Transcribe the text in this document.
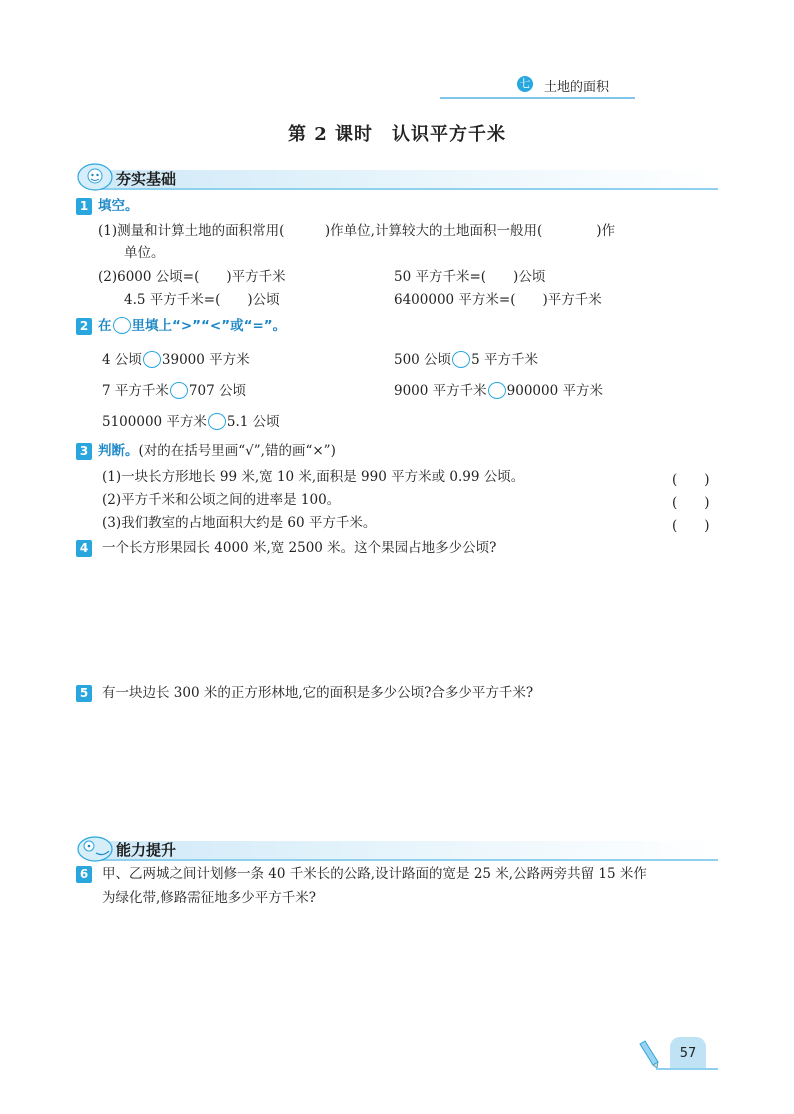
七 土地的面积
第 2 课时　认识平方千米
夯实基础
1 填空。
(1)测量和计算土地的面积常用(　　　)作单位,计算较大的土地面积一般用(　　　　)作
单位。
(2)6000 公顷=(　　)平方千米	50 平方千米=(　　)公顷
4.5 平方千米=(　　)公顷	6400000 平方米=(　　)平方千米
2 在 里填上“>”“<”或“=”。
4 公顷 39000 平方米	500 公顷 5 平方千米
7 平方千米 707 公顷	9000 平方千米 900000 平方米
5100000 平方米 5.1 公顷
3 判断。(对的在括号里画“√”,错的画“×”)
(1)一块长方形地长 99 米,宽 10 米,面积是 990 平方米或 0.99 公顷。	(　　)
(2)平方千米和公顷之间的进率是 100。	(　　)
(3)我们教室的占地面积大约是 60 平方千米。	(　　)
4 一个长方形果园长 4000 米,宽 2500 米。这个果园占地多少公顷?
5 有一块边长 300 米的正方形林地,它的面积是多少公顷?合多少平方千米?
能力提升
6 甲、乙两城之间计划修一条 40 千米长的公路,设计路面的宽是 25 米,公路两旁共留 15 米作
为绿化带,修路需征地多少平方千米?
57
